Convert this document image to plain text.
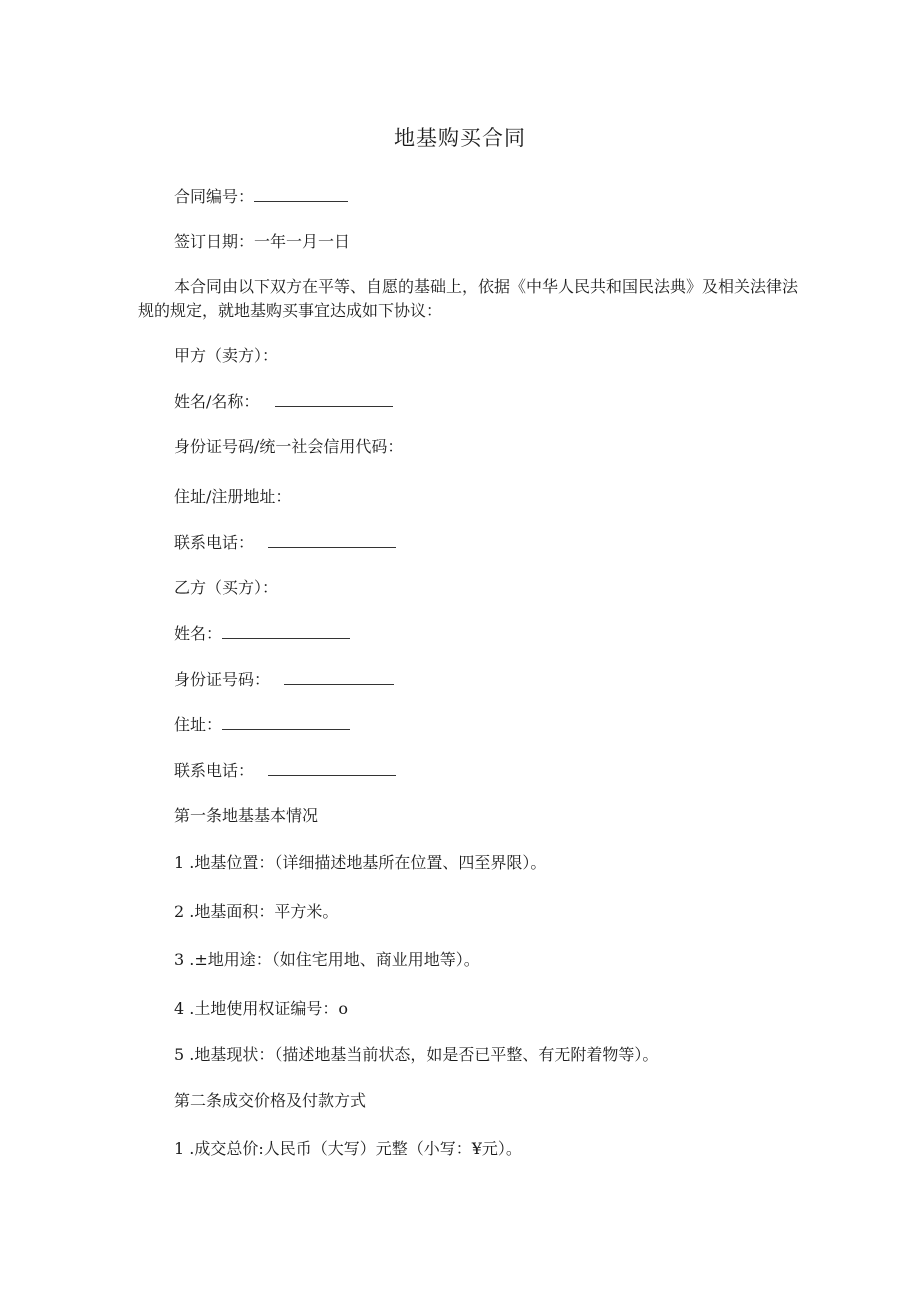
地基购买合同
合同编号：
签订日期：一年一月一日
本合同由以下双方在平等、自愿的基础上，依据《中华人民共和国民法典》及相关法律法规的规定，就地基购买事宜达成如下协议：
甲方（卖方）：
姓名/名称：
身份证号码/统一社会信用代码：
住址/注册地址：
联系电话：
乙方（买方）：
姓名：
身份证号码：
住址：
联系电话：
第一条地基基本情况
1 .地基位置：（详细描述地基所在位置、四至界限）。
2 .地基面积：平方米。
3 .±地用途：（如住宅用地、商业用地等）。
4 .土地使用权证编号：o
5 .地基现状：（描述地基当前状态，如是否已平整、有无附着物等）。
第二条成交价格及付款方式
1 .成交总价:人民币（大写）元整（小写：¥元）。
